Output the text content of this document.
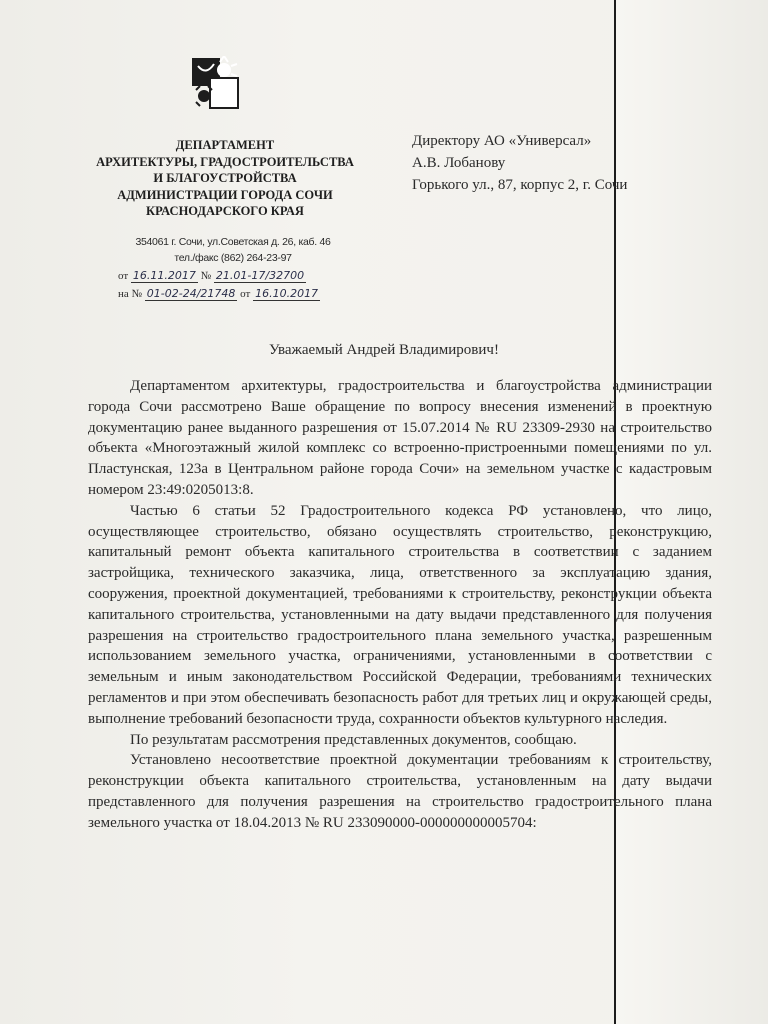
ДЕПАРТАМЕНТ
АРХИТЕКТУРЫ, ГРАДОСТРОИТЕЛЬСТВА
И БЛАГОУСТРОЙСТВА
АДМИНИСТРАЦИИ ГОРОДА СОЧИ
КРАСНОДАРСКОГО КРАЯ
354061 г. Сочи, ул.Советская д. 26, каб. 46
тел./факс (862) 264-23-97
от 16.11.2017 № 21.01-17/32700
на № 01-02-24/21748 от 16.10.2017
Директору АО «Универсал»
А.В. Лобанову
Горького ул., 87, корпус 2, г. Сочи
Уважаемый Андрей Владимирович!

Департаментом архитектуры, градостроительства и благоустройства администрации города Сочи рассмотрено Ваше обращение по вопросу внесения изменений в проектную документацию ранее выданного разрешения от 15.07.2014 № RU 23309-2930 на строительство объекта «Многоэтажный жилой комплекс со встроенно-пристроенными помещениями по ул. Пластунская, 123а в Центральном районе города Сочи» на земельном участке с кадастровым номером 23:49:0205013:8.

Частью 6 статьи 52 Градостроительного кодекса РФ установлено, что лицо, осуществляющее строительство, обязано осуществлять строительство, реконструкцию, капитальный ремонт объекта капитального строительства в соответствии с заданием застройщика, технического заказчика, лица, ответственного за эксплуатацию здания, сооружения, проектной документацией, требованиями к строительству, реконструкции объекта капитального строительства, установленными на дату выдачи представленного для получения разрешения на строительство градостроительного плана земельного участка, разрешенным использованием земельного участка, ограничениями, установленными в соответствии с земельным и иным законодательством Российской Федерации, требованиями технических регламентов и при этом обеспечивать безопасность работ для третьих лиц и окружающей среды, выполнение требований безопасности труда, сохранности объектов культурного наследия.

По результатам рассмотрения представленных документов, сообщаю.

Установлено несоответствие проектной документации требованиям к строительству, реконструкции объекта капитального строительства, установленным на дату выдачи представленного для получения разрешения на строительство градостроительного плана земельного участка от 18.04.2013 № RU 233090000-000000000005704:
